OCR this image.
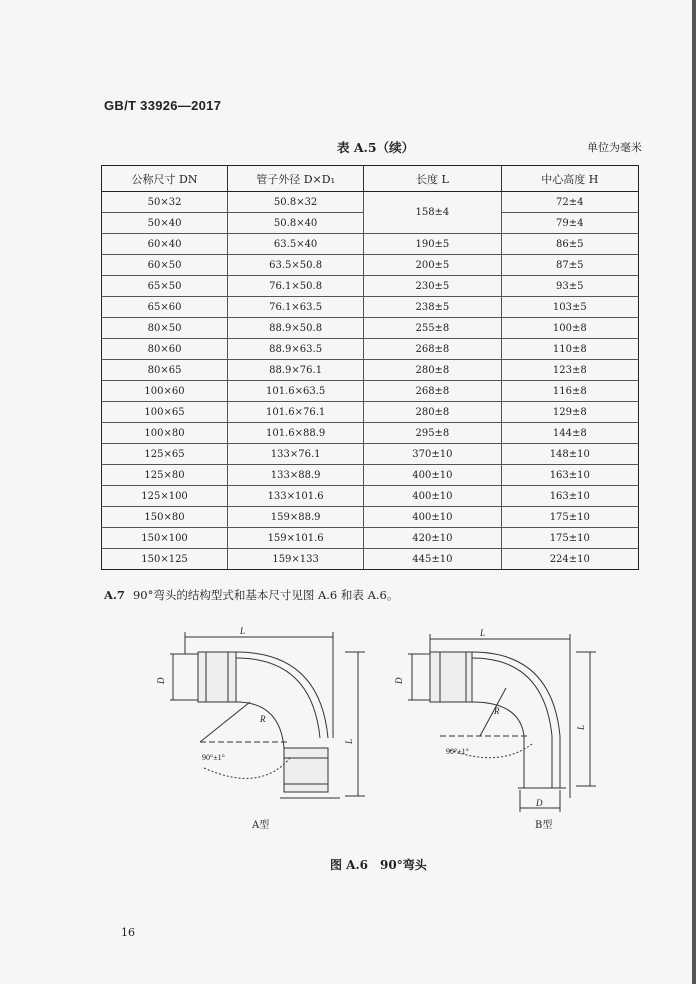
GB/T 33926—2017
表 A.5（续）	单位为毫米
公称尺寸 DN	管子外径 D×D₁	长度 L	中心高度 H
50×32	50.8×32	158±4	72±4
50×40	50.8×40		79±4
60×40	63.5×40	190±5	86±5
60×50	63.5×50.8	200±5	87±5
65×50	76.1×50.8	230±5	93±5
65×60	76.1×63.5	238±5	103±5
80×50	88.9×50.8	255±8	100±8
80×60	88.9×63.5	268±8	110±8
80×65	88.9×76.1	280±8	123±8
100×60	101.6×63.5	268±8	116±8
100×65	101.6×76.1	280±8	129±8
100×80	101.6×88.9	295±8	144±8
125×65	133×76.1	370±10	148±10
125×80	133×88.9	400±10	163±10
125×100	133×101.6	400±10	163±10
150×80	159×88.9	400±10	175±10
150×100	159×101.6	420±10	175±10
150×125	159×133	445±10	224±10
A.7 90°弯头的结构型式和基本尺寸见图 A.6 和表 A.6。
L
D
R
L
90°±1°
L
D
R
L
D
90°±1°
A型	B型
图 A.6　90°弯头
16
